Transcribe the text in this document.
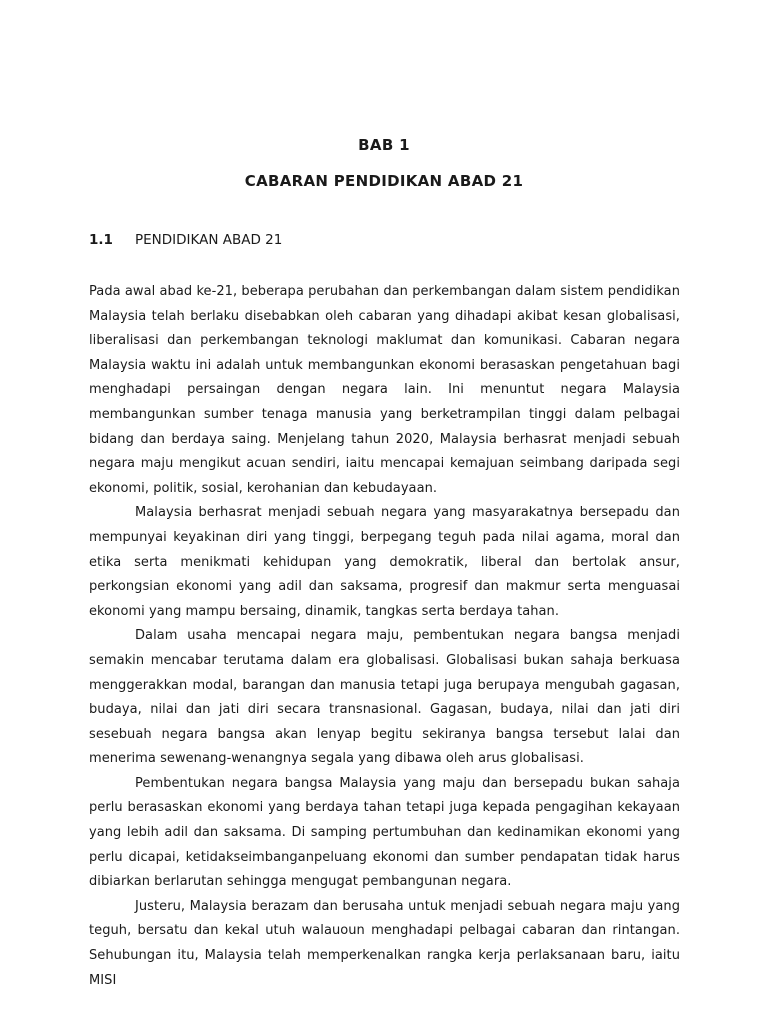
BAB 1
CABARAN PENDIDIKAN ABAD 21
1.1 PENDIDIKAN ABAD 21

Pada awal abad ke-21, beberapa perubahan dan perkembangan dalam sistem pendidikan Malaysia telah berlaku disebabkan oleh cabaran yang dihadapi akibat kesan globalisasi, liberalisasi dan perkembangan teknologi maklumat dan komunikasi. Cabaran negara Malaysia waktu ini adalah untuk membangunkan ekonomi berasaskan pengetahuan bagi menghadapi persaingan dengan negara lain. Ini menuntut negara Malaysia membangunkan sumber tenaga manusia yang berketrampilan tinggi dalam pelbagai bidang dan berdaya saing. Menjelang tahun 2020, Malaysia berhasrat menjadi sebuah negara maju mengikut acuan sendiri, iaitu mencapai kemajuan seimbang daripada segi ekonomi, politik, sosial, kerohanian dan kebudayaan.

Malaysia berhasrat menjadi sebuah negara yang masyarakatnya bersepadu dan mempunyai keyakinan diri yang tinggi, berpegang teguh pada nilai agama, moral dan etika serta menikmati kehidupan yang demokratik, liberal dan bertolak ansur, perkongsian ekonomi yang adil dan saksama, progresif dan makmur serta menguasai ekonomi yang mampu bersaing, dinamik, tangkas serta berdaya tahan.

Dalam usaha mencapai negara maju, pembentukan negara bangsa menjadi semakin mencabar terutama dalam era globalisasi. Globalisasi bukan sahaja berkuasa menggerakkan modal, barangan dan manusia tetapi juga berupaya mengubah gagasan, budaya, nilai dan jati diri secara transnasional. Gagasan, budaya, nilai dan jati diri sesebuah negara bangsa akan lenyap begitu sekiranya bangsa tersebut lalai dan menerima sewenang-wenangnya segala yang dibawa oleh arus globalisasi.

Pembentukan negara bangsa Malaysia yang maju dan bersepadu bukan sahaja perlu berasaskan ekonomi yang berdaya tahan tetapi juga kepada pengagihan kekayaan yang lebih adil dan saksama. Di samping pertumbuhan dan kedinamikan ekonomi yang perlu dicapai, ketidakseimbanganpeluang ekonomi dan sumber pendapatan tidak harus dibiarkan berlarutan sehingga mengugat pembangunan negara.

Justeru, Malaysia berazam dan berusaha untuk menjadi sebuah negara maju yang teguh, bersatu dan kekal utuh walauoun menghadapi pelbagai cabaran dan rintangan. Sehubungan itu, Malaysia telah memperkenalkan rangka kerja perlaksanaan baru, iaitu MISI
